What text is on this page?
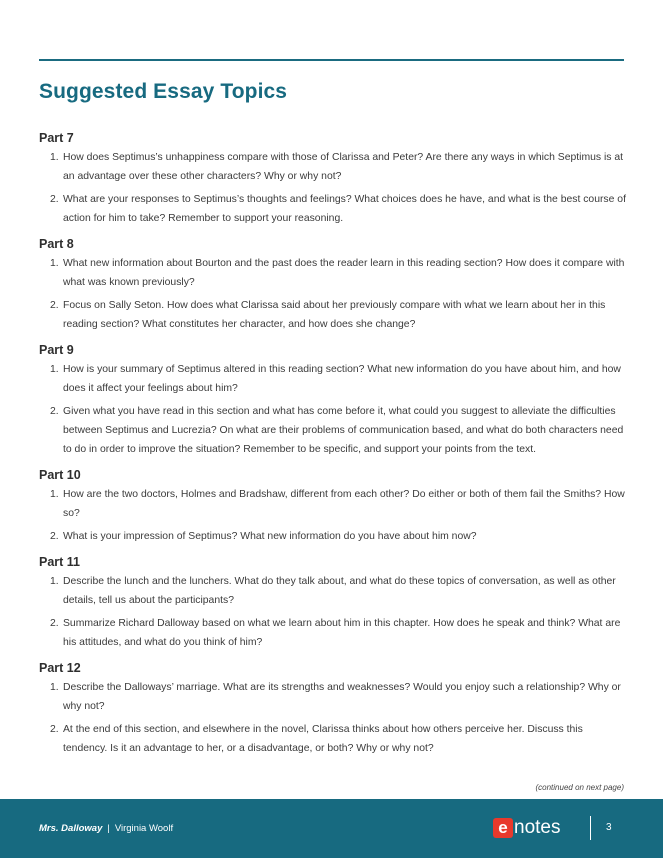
Suggested Essay Topics
Part 7
1. How does Septimus’s unhappiness compare with those of Clarissa and Peter? Are there any ways in which Septimus is at an advantage over these other characters? Why or why not?
2. What are your responses to Septimus’s thoughts and feelings? What choices does he have, and what is the best course of action for him to take? Remember to support your reasoning.
Part 8
1. What new information about Bourton and the past does the reader learn in this reading section? How does it compare with what was known previously?
2. Focus on Sally Seton. How does what Clarissa said about her previously compare with what we learn about her in this reading section? What constitutes her character, and how does she change?
Part 9
1. How is your summary of Septimus altered in this reading section? What new information do you have about him, and how does it affect your feelings about him?
2. Given what you have read in this section and what has come before it, what could you suggest to alleviate the difficulties between Septimus and Lucrezia? On what are their problems of communication based, and what do both characters need to do in order to improve the situation? Remember to be specific, and support your points from the text.
Part 10
1. How are the two doctors, Holmes and Bradshaw, different from each other? Do either or both of them fail the Smiths? How so?
2. What is your impression of Septimus? What new information do you have about him now?
Part 11
1. Describe the lunch and the lunchers. What do they talk about, and what do these topics of conversation, as well as other details, tell us about the participants?
2. Summarize Richard Dalloway based on what we learn about him in this chapter. How does he speak and think? What are his attitudes, and what do you think of him?
Part 12
1. Describe the Dalloways’ marriage. What are its strengths and weaknesses? Would you enjoy such a relationship? Why or why not?
2. At the end of this section, and elsewhere in the novel, Clarissa thinks about how others perceive her. Discuss this tendency. Is it an advantage to her, or a disadvantage, or both? Why or why not?

(continued on next page)

Mrs. Dalloway | Virginia Woolf	e notes	3
